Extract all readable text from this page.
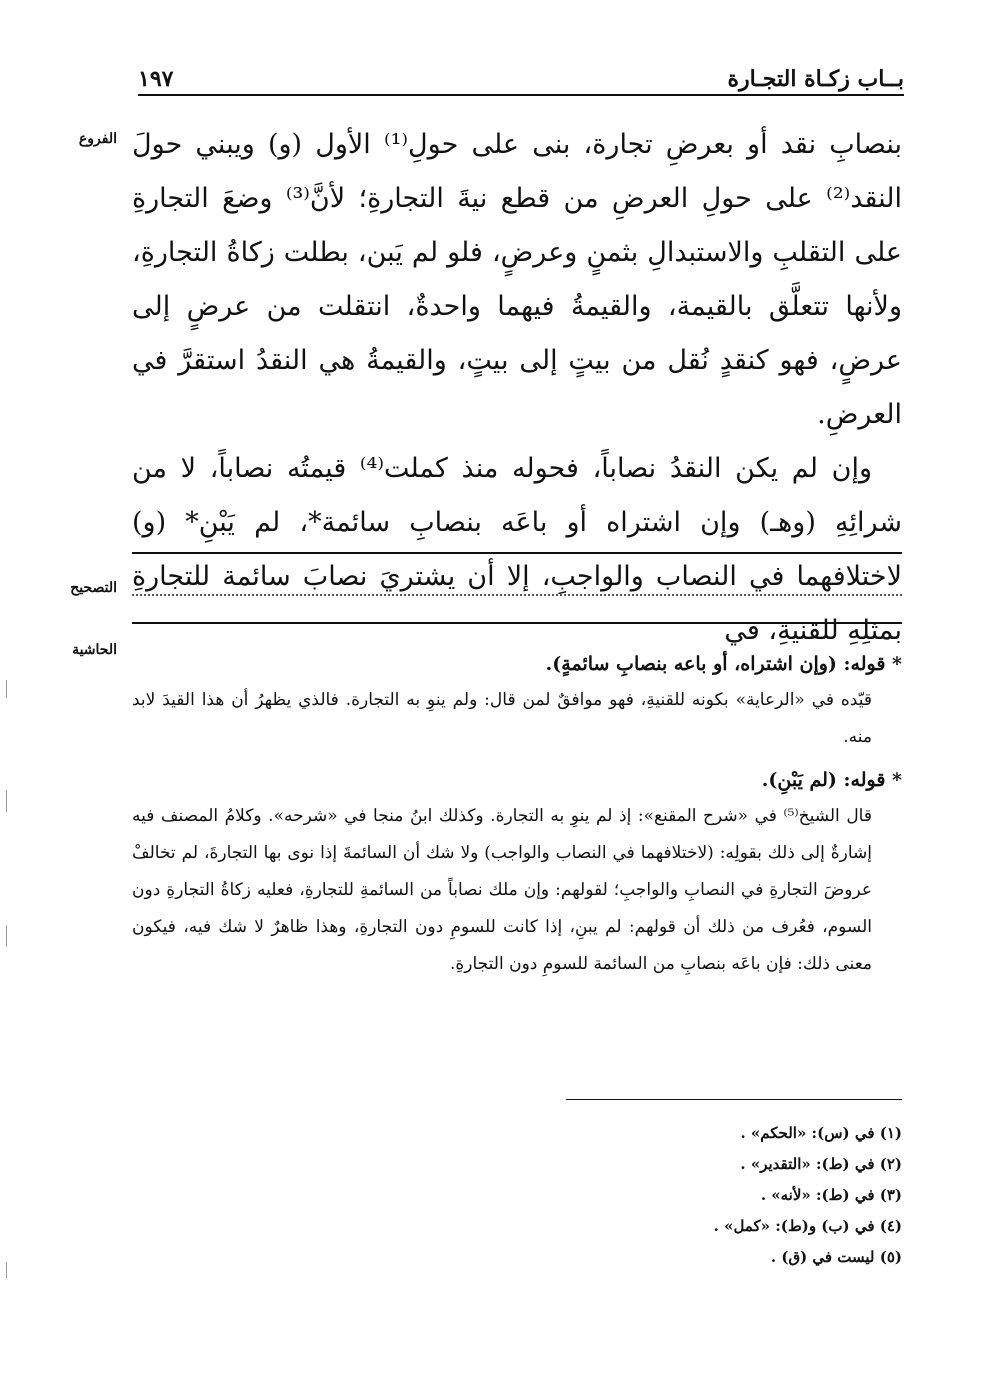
بــاب زكـاة التجـارة
١٩٧
الفروع
التصحيح
الحاشية

بنصابِ نقد أو بعرضِ تجارة، بنى على حولِ⁽¹⁾ الأول (و) ويبني حولَ النقد⁽²⁾ على حولِ العرضِ من قطع نيةَ التجارةِ؛ لأنَّ⁽³⁾ وضعَ التجارةِ على التقلبِ والاستبدالِ بثمنٍ وعرضٍ، فلو لم يَبن، بطلت زكاةُ التجارةِ، ولأنها تتعلَّق بالقيمة، والقيمةُ فيهما واحدةٌ، انتقلت من عرضٍ إلى عرضٍ، فهو كنقدٍ نُقل من بيتٍ إلى بيتٍ، والقيمةُ هي النقدُ استقرَّ في العرضِ.

وإن لم يكن النقدُ نصاباً، فحوله منذ كملت⁽⁴⁾ قيمتُه نصاباً، لا من شرائِهِ (وهـ) وإن اشتراه أو باعَه بنصابِ سائمة*، لم يَبْنِ* (و) لاختلافهما في النصاب والواجبِ، إلا أن يشتريَ نصابَ سائمة للتجارةِ بمثلِهِ للقنيةِ، في

* قوله: (وإن اشتراه، أو باعه بنصابِ سائمةٍ).

قيّده في «الرعاية» بكونه للقنيةِ، فهو موافقٌ لمن قال: ولم ينوِ به التجارة. فالذي يظهرُ أن هذا القيدَ لابد منه.

* قوله: (لم يَبْنِ).

قال الشيخ⁽⁵⁾ في «شرح المقنع»: إذ لم ينوِ به التجارة. وكذلك ابنُ منجا في «شرحه». وكلامُ المصنف فيه إشارةٌ إلى ذلك بقولِه: (لاختلافهما في النصاب والواجب) ولا شك أن السائمةَ إذا نوى بها التجارةَ، لم تخالفْ عروضَ التجارةِ في النصابِ والواجبِ؛ لقولهم: وإن ملك نصاباً من السائمةِ للتجارةِ، فعليه زكاةُ التجارةِ دون السوم، فعُرف من ذلك أن قولهم: لم يبنِ، إذا كانت للسومِ دون التجارةِ، وهذا ظاهرٌ لا شك فيه، فيكون معنى ذلك: فإن باعَه بنصابِ من السائمة للسومِ دون التجارةِ.

(١) في (س): «الحكم» .
(٢) في (ط): «التقدير» .
(٣) في (ط): «لأنه» .
(٤) في (ب) و(ط): «كمل» .
(٥) ليست في (ق) .
